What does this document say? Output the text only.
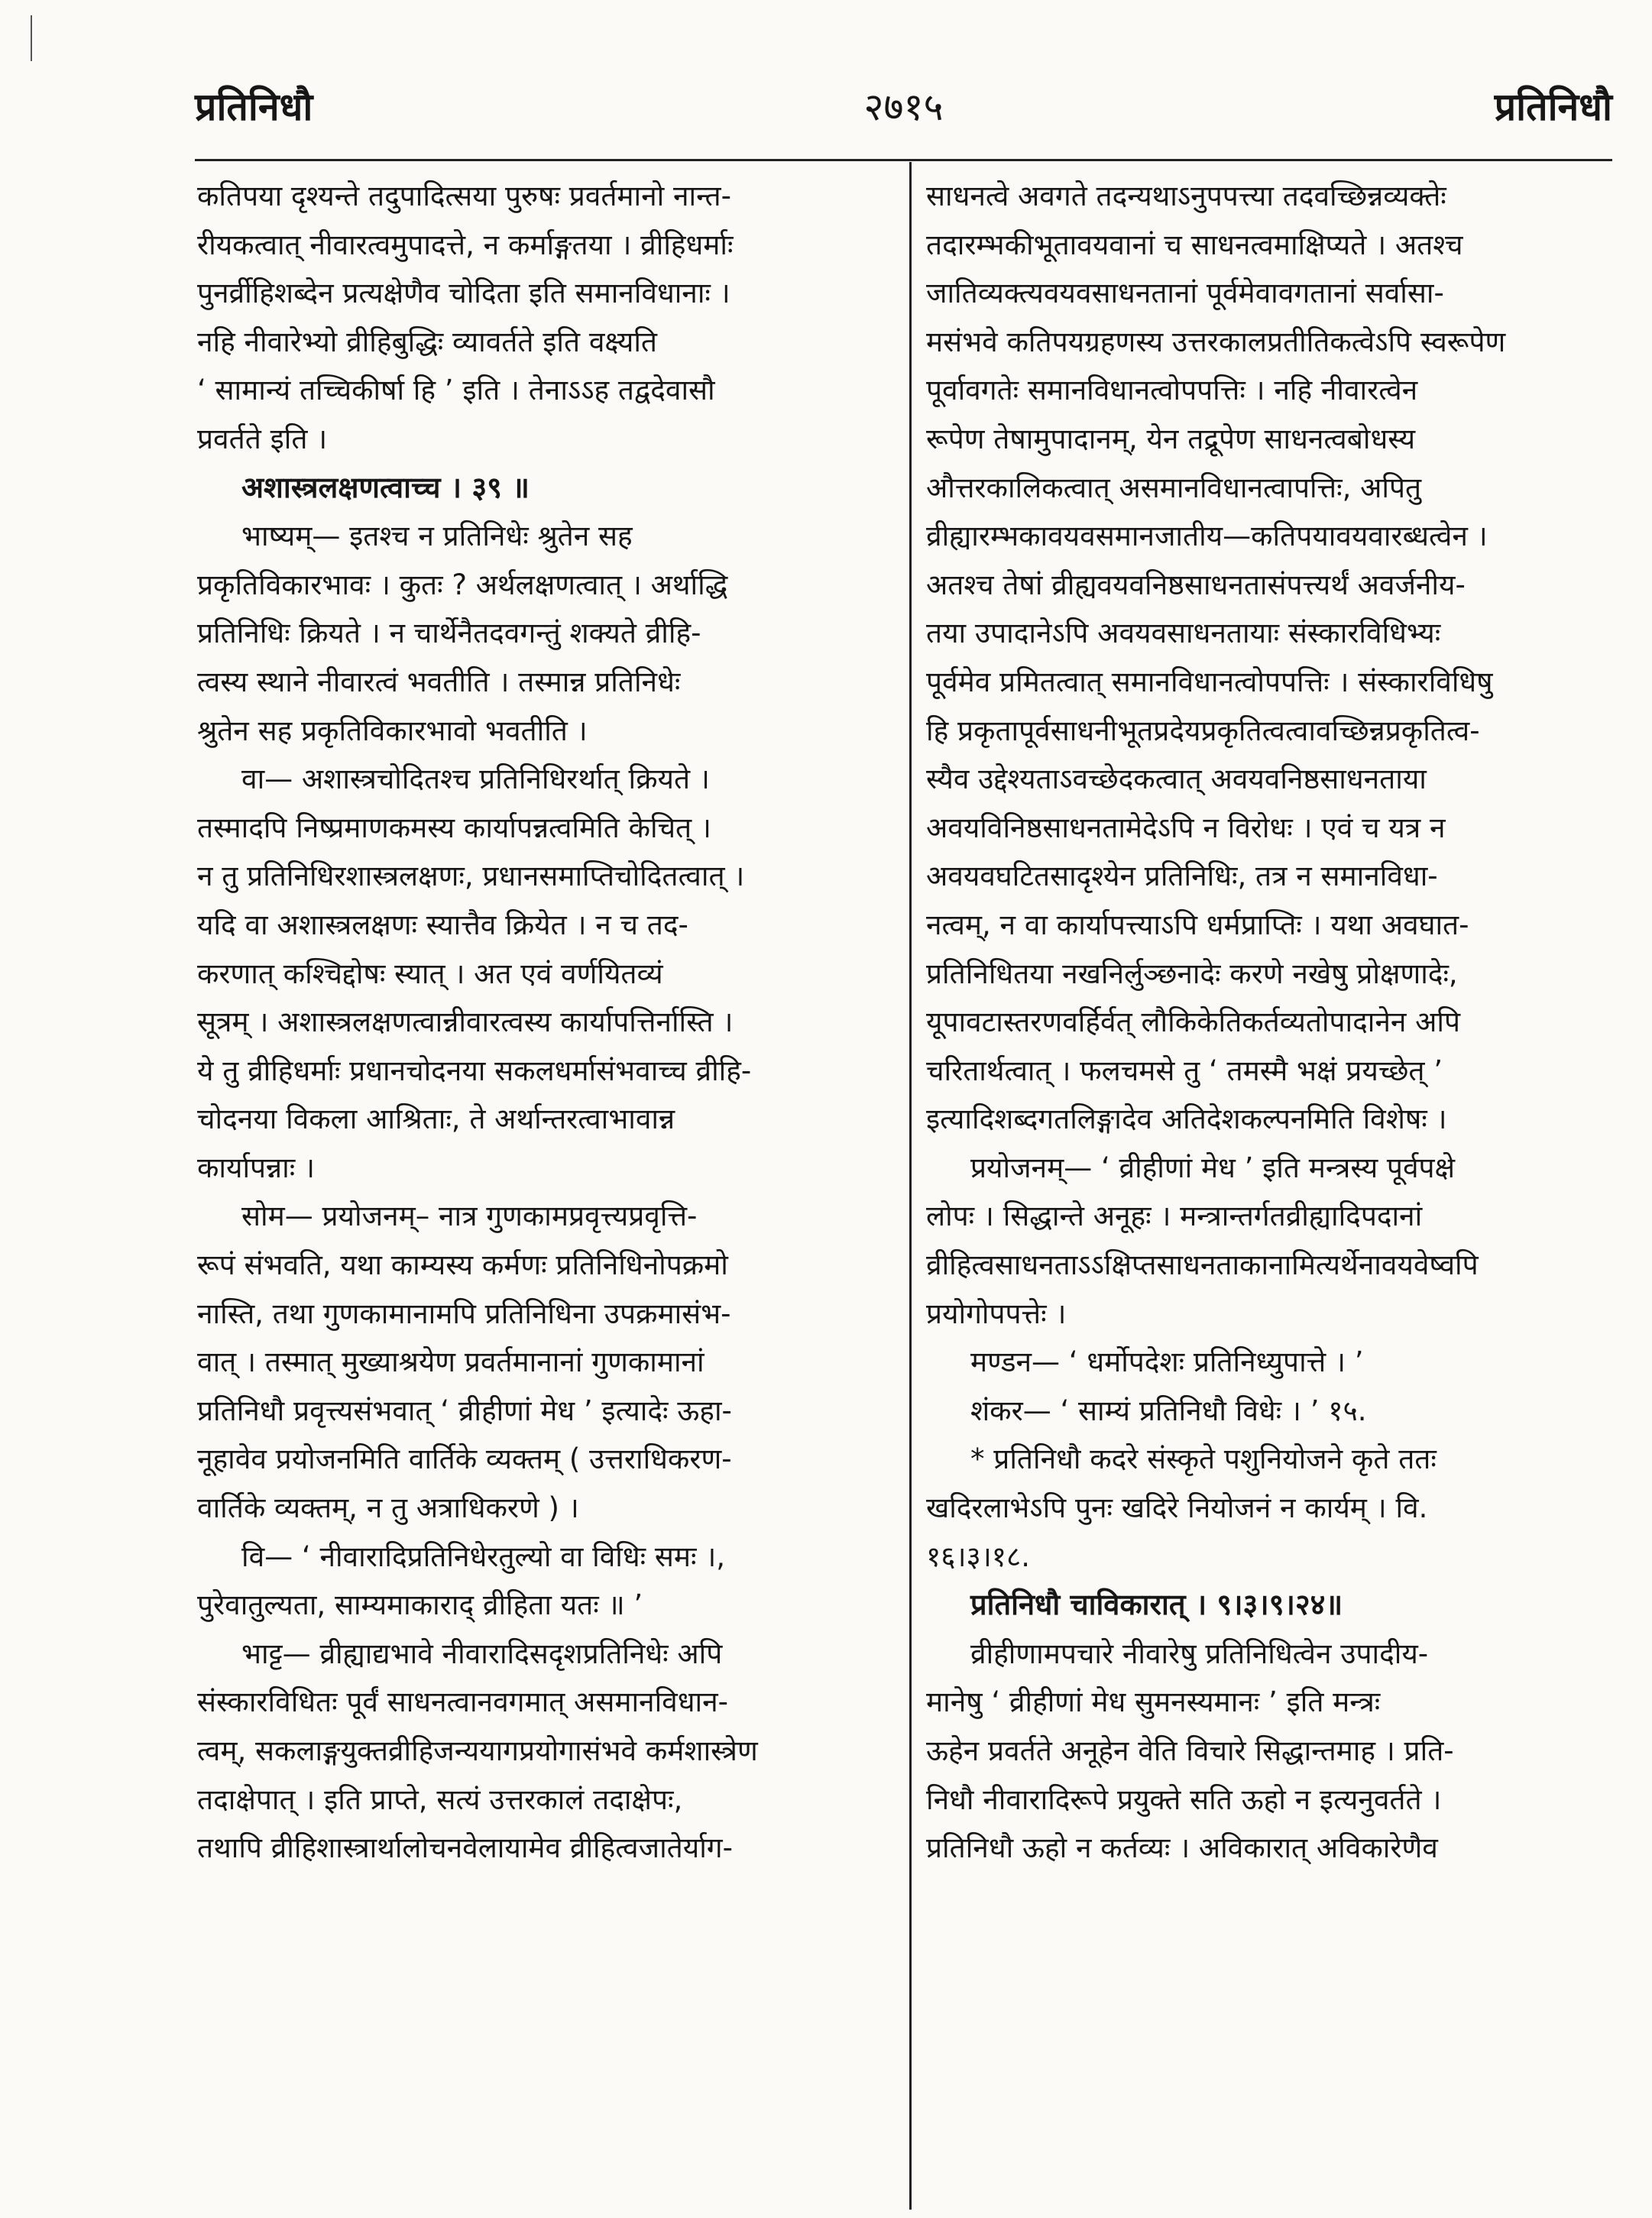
प्रतिनिधौ	२७१५	प्रतिनिधौ
कतिपया दृश्यन्ते तदुपादित्सया पुरुषः प्रवर्तमानो नान्त-
रीयकत्वात् नीवारत्वमुपादत्ते, न कर्माङ्गतया । व्रीहिधर्माः
पुनर्व्रीहिशब्देन प्रत्यक्षेणैव चोदिता इति समानविधानाः ।
नहि नीवारेभ्यो व्रीहिबुद्धिः व्यावर्तते इति वक्ष्यति
‘ सामान्यं तच्चिकीर्षा हि ’ इति । तेनाऽऽह तद्वदेवासौ
प्रवर्तते इति ।
अशास्त्रलक्षणत्वाच्च । ३९ ॥
भाष्यम्— इतश्च न प्रतिनिधेः श्रुतेन सह
प्रकृतिविकारभावः । कुतः ? अर्थलक्षणत्वात् । अर्थाद्धि
प्रतिनिधिः क्रियते । न चार्थेनैतदवगन्तुं शक्यते व्रीहि-
त्वस्य स्थाने नीवारत्वं भवतीति । तस्मान्न प्रतिनिधेः
श्रुतेन सह प्रकृतिविकारभावो भवतीति ।
वा— अशास्त्रचोदितश्च प्रतिनिधिरर्थात् क्रियते ।
तस्मादपि निष्प्रमाणकमस्य कार्यापन्नत्वमिति केचित् ।
न तु प्रतिनिधिरशास्त्रलक्षणः, प्रधानसमाप्तिचोदितत्वात् ।
यदि वा अशास्त्रलक्षणः स्यात्तैव क्रियेत । न च तद-
करणात् कश्चिद्दोषः स्यात् । अत एवं वर्णयितव्यं
सूत्रम् । अशास्त्रलक्षणत्वान्नीवारत्वस्य कार्यापत्तिर्नास्ति ।
ये तु व्रीहिधर्माः प्रधानचोदनया सकलधर्मासंभवाच्च व्रीहि-
चोदनया विकला आश्रिताः, ते अर्थान्तरत्वाभावान्न
कार्यापन्नाः ।
सोम— प्रयोजनम्– नात्र गुणकामप्रवृत्त्यप्रवृत्ति-
रूपं संभवति, यथा काम्यस्य कर्मणः प्रतिनिधिनोपक्रमो
नास्ति, तथा गुणकामानामपि प्रतिनिधिना उपक्रमासंभ-
वात् । तस्मात् मुख्याश्रयेण प्रवर्तमानानां गुणकामानां
प्रतिनिधौ प्रवृत्त्यसंभवात् ‘ व्रीहीणां मेध ’ इत्यादेः ऊहा-
नूहावेव प्रयोजनमिति वार्तिके व्यक्तम् ( उत्तराधिकरण-
वार्तिके व्यक्तम्, न तु अत्राधिकरणे ) ।
वि— ‘ नीवारादिप्रतिनिधेरतुल्यो वा विधिः समः ।,
पुरेवातुल्यता, साम्यमाकाराद् व्रीहिता यतः ॥ ’
भाट्ट— व्रीह्याद्यभावे नीवारादिसदृशप्रतिनिधेः अपि
संस्कारविधितः पूर्वं साधनत्वानवगमात् असमानविधान-
त्वम्, सकलाङ्गयुक्तव्रीहिजन्ययागप्रयोगासंभवे कर्मशास्त्रेण
तदाक्षेपात् । इति प्राप्ते, सत्यं उत्तरकालं तदाक्षेपः,
तथापि व्रीहिशास्त्रार्थालोचनवेलायामेव व्रीहित्वजातेर्याग-
साधनत्वे अवगते तदन्यथाऽनुपपत्त्या तदवच्छिन्नव्यक्तेः
तदारम्भकीभूतावयवानां च साधनत्वमाक्षिप्यते । अतश्च
जातिव्यक्त्यवयवसाधनतानां पूर्वमेवावगतानां सर्वासा-
मसंभवे कतिपयग्रहणस्य उत्तरकालप्रतीतिकत्वेऽपि स्वरूपेण
पूर्वावगतेः समानविधानत्वोपपत्तिः । नहि नीवारत्वेन
रूपेण तेषामुपादानम्, येन तद्रूपेण साधनत्वबोधस्य
औत्तरकालिकत्वात् असमानविधानत्वापत्तिः, अपितु
व्रीह्यारम्भकावयवसमानजातीय—कतिपयावयवारब्धत्वेन ।
अतश्च तेषां व्रीह्यवयवनिष्ठसाधनतासंपत्त्यर्थं अवर्जनीय-
तया उपादानेऽपि अवयवसाधनतायाः संस्कारविधिभ्यः
पूर्वमेव प्रमितत्वात् समानविधानत्वोपपत्तिः । संस्कारविधिषु
हि प्रकृतापूर्वसाधनीभूतप्रदेयप्रकृतित्वत्वावच्छिन्नप्रकृतित्व-
स्यैव उद्देश्यताऽवच्छेदकत्वात् अवयवनिष्ठसाधनताया
अवयविनिष्ठसाधनतामेदेऽपि न विरोधः । एवं च यत्र न
अवयवघटितसादृश्येन प्रतिनिधिः, तत्र न समानविधा-
नत्वम्, न वा कार्यापत्त्याऽपि धर्मप्राप्तिः । यथा अवघात-
प्रतिनिधितया नखनिर्लुञ्छनादेः करणे नखेषु प्रोक्षणादेः,
यूपावटास्तरणवर्हिर्वत् लौकिकेतिकर्तव्यतोपादानेन अपि
चरितार्थत्वात् । फलचमसे तु ‘ तमस्मै भक्षं प्रयच्छेत् ’
इत्यादिशब्दगतलिङ्गादेव अतिदेशकल्पनमिति विशेषः ।
प्रयोजनम्— ‘ व्रीहीणां मेध ’ इति मन्त्रस्य पूर्वपक्षे
लोपः । सिद्धान्ते अनूहः । मन्त्रान्तर्गतव्रीह्यादिपदानां
व्रीहित्वसाधनताऽऽक्षिप्तसाधनताकानामित्यर्थेनावयवेष्वपि
प्रयोगोपपत्तेः ।
मण्डन— ‘ धर्मोपदेशः प्रतिनिध्युपात्ते । ’
शंकर— ‘ साम्यं प्रतिनिधौ विधेः । ’ १५.
* प्रतिनिधौ कदरे संस्कृते पशुनियोजने कृते ततः
खदिरलाभेऽपि पुनः खदिरे नियोजनं न कार्यम् । वि.
१६।३।१८.
प्रतिनिधौ चाविकारात् । ९।३।९।२४॥
व्रीहीणामपचारे नीवारेषु प्रतिनिधित्वेन उपादीय-
मानेषु ‘ व्रीहीणां मेध सुमनस्यमानः ’ इति मन्त्रः
ऊहेन प्रवर्तते अनूहेन वेति विचारे सिद्धान्तमाह । प्रति-
निधौ नीवारादिरूपे प्रयुक्ते सति ऊहो न इत्यनुवर्तते ।
प्रतिनिधौ ऊहो न कर्तव्यः । अविकारात् अविकारेणैव
